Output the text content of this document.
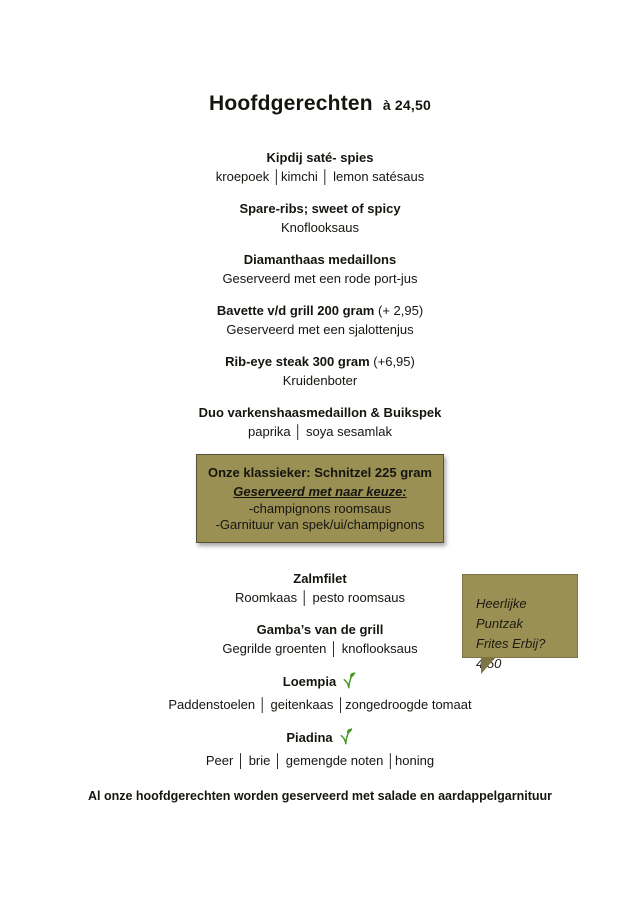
Hoofdgerechten à 24,50
Kipdij saté- spies
kroepoek │kimchi │ lemon satésaus
Spare-ribs; sweet of spicy
Knoflooksaus
Diamanthaas medaillons
Geserveerd met een rode port-jus
Bavette v/d grill 200 gram (+ 2,95)
Geserveerd met een sjalottenjus
Rib-eye steak 300 gram (+6,95)
Kruidenboter
Duo varkenshaasmedaillon & Buikspek
paprika │ soya sesamlak
Onze klassieker: Schnitzel 225 gram
Geserveerd met naar keuze:
-champignons roomsaus
-Garnituur van spek/ui/champignons
Zalmfilet
Roomkaas │ pesto roomsaus
Gamba’s van de grill
Gegrilde groenten │ knoflooksaus
Loempia
Paddenstoelen │ geitenkaas │zongedroogde tomaat
Piadina
Peer │ brie │ gemengde noten │honing
Al onze hoofdgerechten worden geserveerd met salade en aardappelgarnituur
Heerlijke Puntzak
Frites Erbij? 4,50
